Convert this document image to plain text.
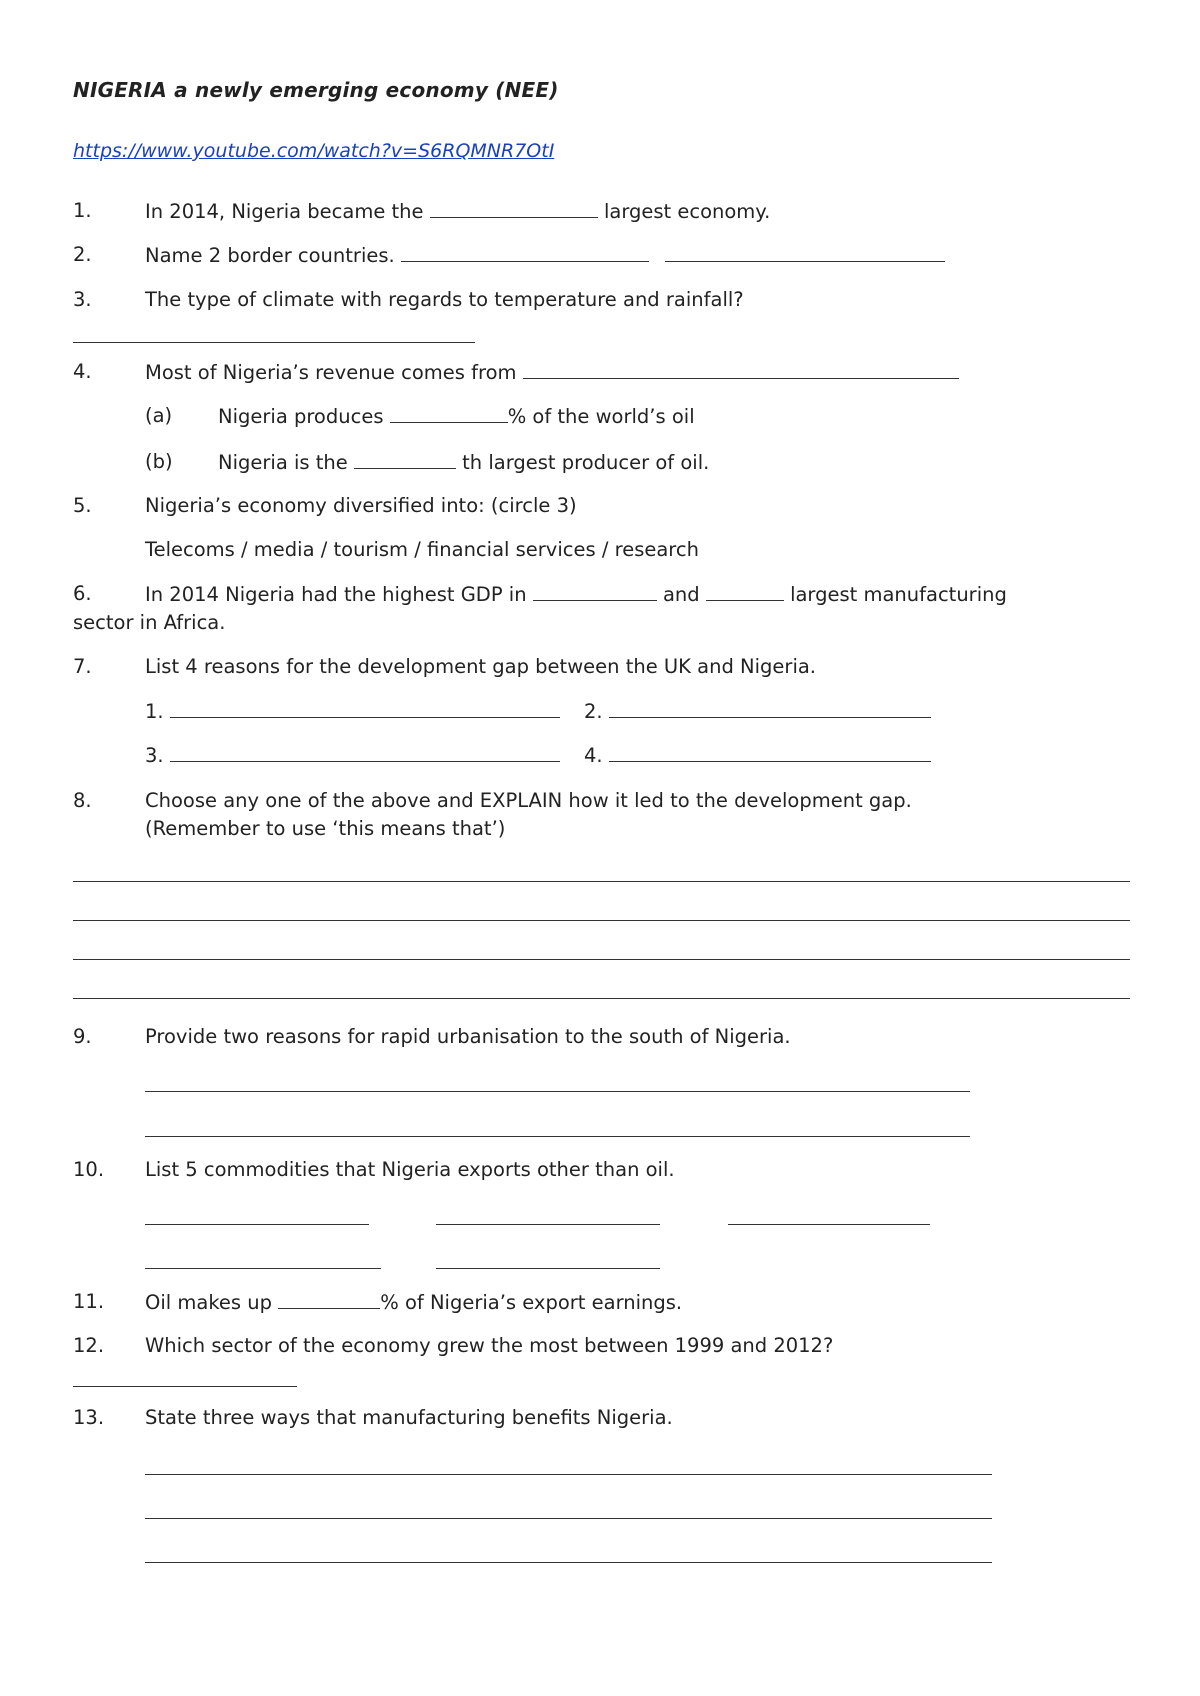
NIGERIA a newly emerging economy (NEE)
https://www.youtube.com/watch?v=S6RQMNR7OtI
1.	In 2014, Nigeria became the	largest economy.
2.	Name 2 border countries.
3.	The type of climate with regards to temperature and rainfall?
4.	Most of Nigeria’s revenue comes from
(a) Nigeria produces	% of the world’s oil
(b) Nigeria is the	th largest producer of oil.
5.	Nigeria’s economy diversified into: (circle 3)
Telecoms / media / tourism / financial services / research
6.	In 2014 Nigeria had the highest GDP in	and	largest manufacturing
sector in Africa.
7.	List 4 reasons for the development gap between the UK and Nigeria.
1.	2.
3.	4.
8.	Choose any one of the above and EXPLAIN how it led to the development gap.
(Remember to use ‘this means that’)
9.	Provide two reasons for rapid urbanisation to the south of Nigeria.
10. List 5 commodities that Nigeria exports other than oil.
11. Oil makes up	% of Nigeria’s export earnings.
12. Which sector of the economy grew the most between 1999 and 2012?
13. State three ways that manufacturing benefits Nigeria.
